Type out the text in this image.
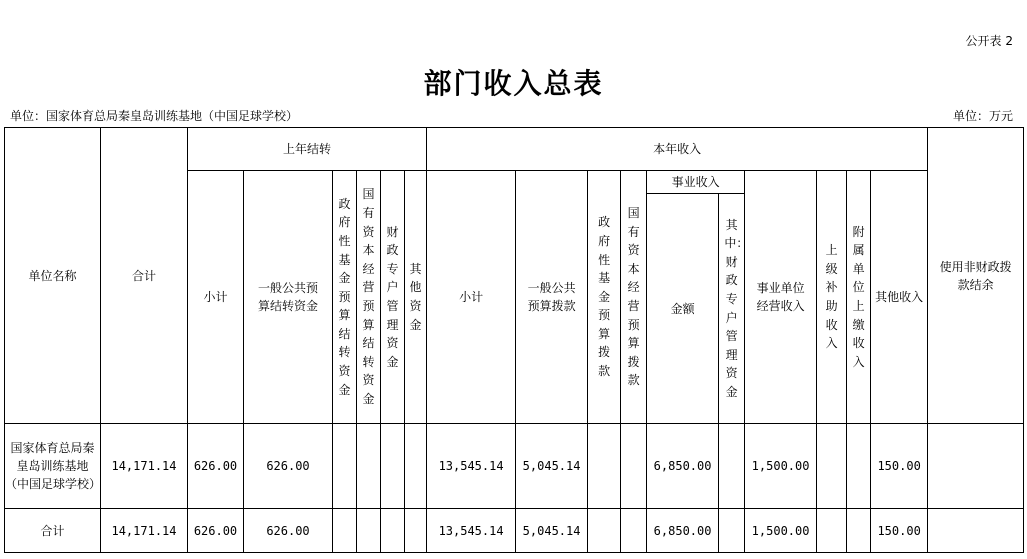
公开表 2
部门收入总表
单位：国家体育总局秦皇岛训练基地（中国足球学校）	单位：万元
单位名称	合计	上年结转						本年收入										使用非财政拨款结余

		小计	一般公共预算结转资金	政府性基金预算结转资金	国有资本经营预算结转资金	财政专户管理资金	其他资金	小计	一般公共预算拨款	政府性基金预算拨款	国有资本经营预算拨款	事业收入		事业单位经营收入	上级补助收入	附属单位上缴收入	其他收入	

												金额	其中：财政专户管理资金					

国家体育总局秦皇岛训练基地（中国足球学校）	14,171.14	626.00	626.00					13,545.14	5,045.14			6,850.00		1,500.00			150.00	
合计	14,171.14	626.00	626.00					13,545.14	5,045.14			6,850.00		1,500.00			150.00	
